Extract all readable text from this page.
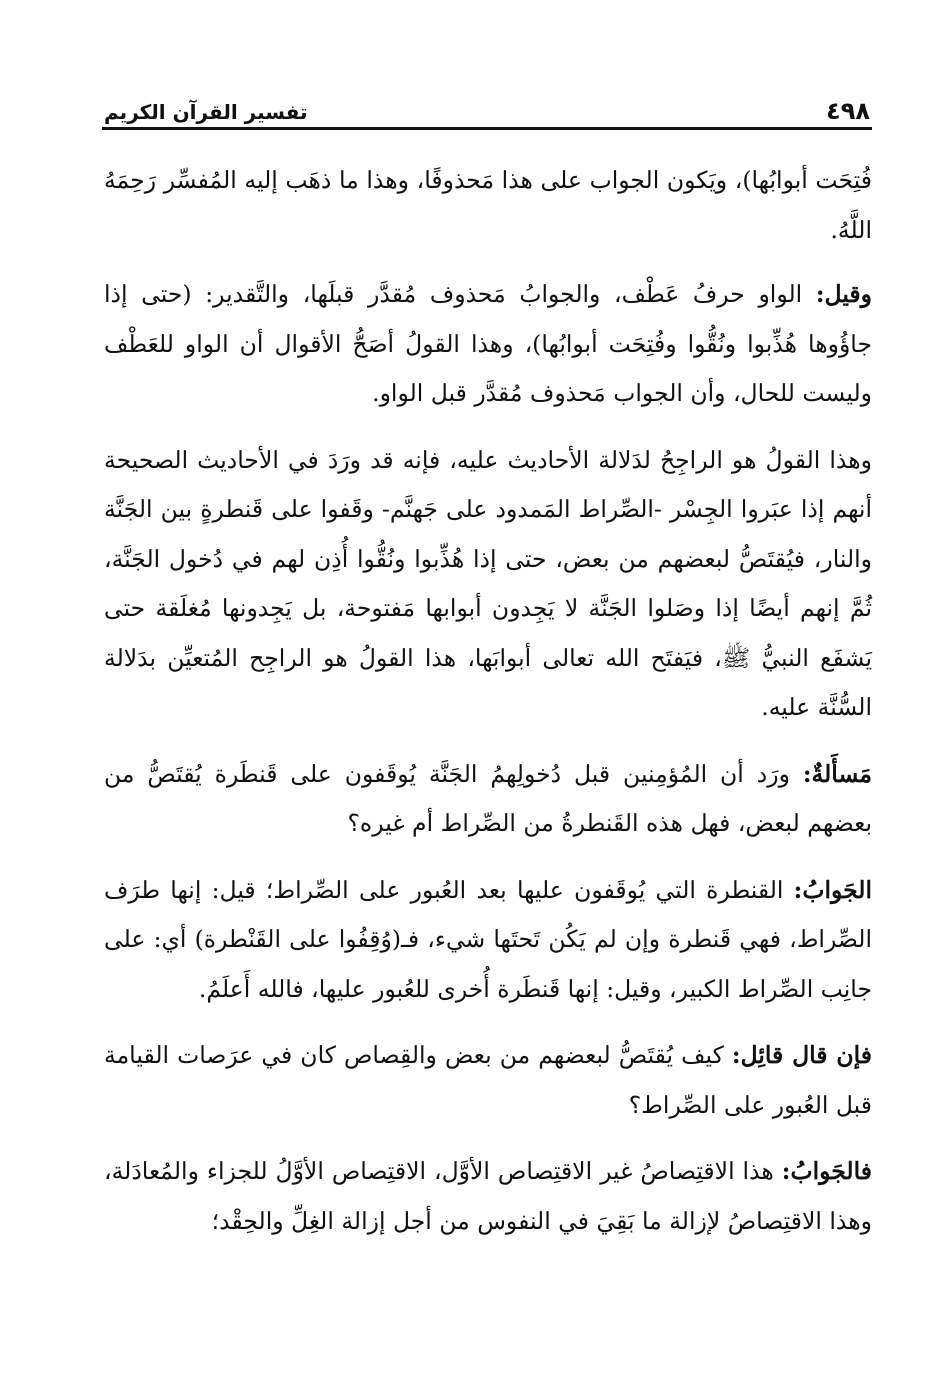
٤٩٨
تفسير القرآن الكريم

فُتِحَت أبوابُها)، ويَكون الجواب على هذا مَحذوفًا، وهذا ما ذهَب إليه المُفسِّر رَحِمَهُ اللَّهُ.

وقيل: الواو حرفُ عَطْف، والجوابُ مَحذوف مُقدَّر قبلَها، والتَّقدير: (حتى إذا جاؤُوها هُذِّبوا ونُقُّوا وفُتِحَت أبوابُها)، وهذا القولُ أصَحُّ الأقوال أن الواو للعَطْف وليست للحال، وأن الجواب مَحذوف مُقدَّر قبل الواو.

وهذا القولُ هو الراجِحُ لدَلالة الأحاديث عليه، فإنه قد ورَدَ في الأحاديث الصحيحة أنهم إذا عبَروا الجِسْر -الصِّراط المَمدود على جَهنَّم- وقَفوا على قَنطرةٍ بين الجَنَّة والنار، فيُقتَصُّ لبعضهم من بعض، حتى إذا هُذِّبوا ونُقُّوا أُذِن لهم في دُخول الجَنَّة، ثُمَّ إنهم أيضًا إذا وصَلوا الجَنَّة لا يَجِدون أبوابها مَفتوحة، بل يَجِدونها مُغلَقة حتى يَشفَع النبيُّ ﷺ، فيَفتَح الله تعالى أبوابَها، هذا القولُ هو الراجِح المُتعيِّن بدَلالة السُّنَّة عليه.

مَسأَلةٌ: ورَد أن المُؤمِنين قبل دُخولِهمُ الجَنَّة يُوقَفون على قَنطَرة يُقتَصُّ من بعضهم لبعض، فهل هذه القَنطرةُ من الصِّراط أم غيره؟

الجَوابُ: القنطرة التي يُوقَفون عليها بعد العُبور على الصِّراط؛ قيل: إنها طرَف الصِّراط، فهي قَنطرة وإن لم يَكُن تَحتَها شيء، فـ(وُقِفُوا على القَنْطرة) أي: على جانِب الصِّراط الكبير، وقيل: إنها قَنطَرة أُخرى للعُبور عليها، فالله أَعلَمُ.

فإن قال قائِل: كيف يُقتَصُّ لبعضهم من بعض والقِصاص كان في عرَصات القيامة قبل العُبور على الصِّراط؟

فالجَوابُ: هذا الاقتِصاصُ غير الاقتِصاص الأوَّل، الاقتِصاص الأوَّلُ للجزاء والمُعادَلة، وهذا الاقتِصاصُ لإزالة ما بَقِيَ في النفوس من أجل إزالة الغِلِّ والحِقْد؛
